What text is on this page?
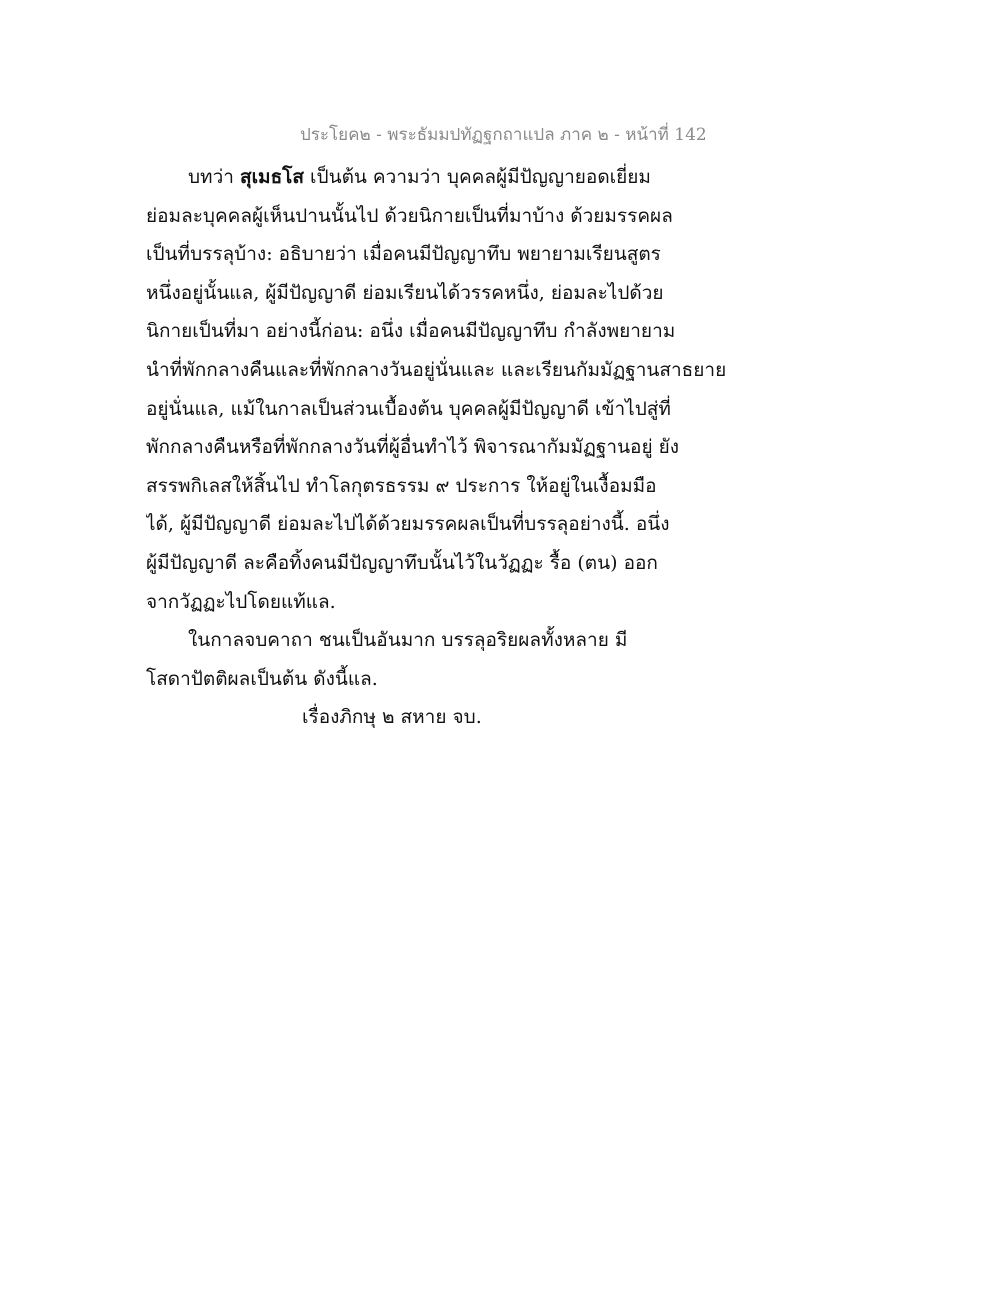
ประโยค๒ - พระธัมมปทัฏฐกถาแปล ภาค ๒ - หน้าที่ 142
บทว่า สุเมธโส เป็นต้น ความว่า บุคคลผู้มีปัญญายอดเยี่ยม
ย่อมละบุคคลผู้เห็นปานนั้นไป ด้วยนิกายเป็นที่มาบ้าง ด้วยมรรคผล
เป็นที่บรรลุบ้าง: อธิบายว่า เมื่อคนมีปัญญาทึบ พยายามเรียนสูตร
หนึ่งอยู่นั้นแล, ผู้มีปัญญาดี ย่อมเรียนได้วรรคหนึ่ง, ย่อมละไปด้วย
นิกายเป็นที่มา อย่างนี้ก่อน: อนึ่ง เมื่อคนมีปัญญาทึบ กำลังพยายาม
นำที่พักกลางคืนและที่พักกลางวันอยู่นั่นและ และเรียนกัมมัฏฐานสาธยาย
อยู่นั่นแล, แม้ในกาลเป็นส่วนเบื้องต้น บุคคลผู้มีปัญญาดี เข้าไปสู่ที่
พักกลางคืนหรือที่พักกลางวันที่ผู้อื่นทำไว้ พิจารณากัมมัฏฐานอยู่ ยัง
สรรพกิเลสให้สิ้นไป ทำโลกุตรธรรม ๙ ประการ ให้อยู่ในเงื้อมมือ
ได้, ผู้มีปัญญาดี ย่อมละไปได้ด้วยมรรคผลเป็นที่บรรลุอย่างนี้. อนึ่ง
ผู้มีปัญญาดี ละคือทิ้งคนมีปัญญาทึบนั้นไว้ในวัฏฏะ รื้อ (ตน) ออก
จากวัฏฏะไปโดยแท้แล.
ในกาลจบคาถา ชนเป็นอันมาก บรรลุอริยผลทั้งหลาย มี
โสดาปัตติผลเป็นต้น ดังนี้แล.
เรื่องภิกษุ ๒ สหาย จบ.
